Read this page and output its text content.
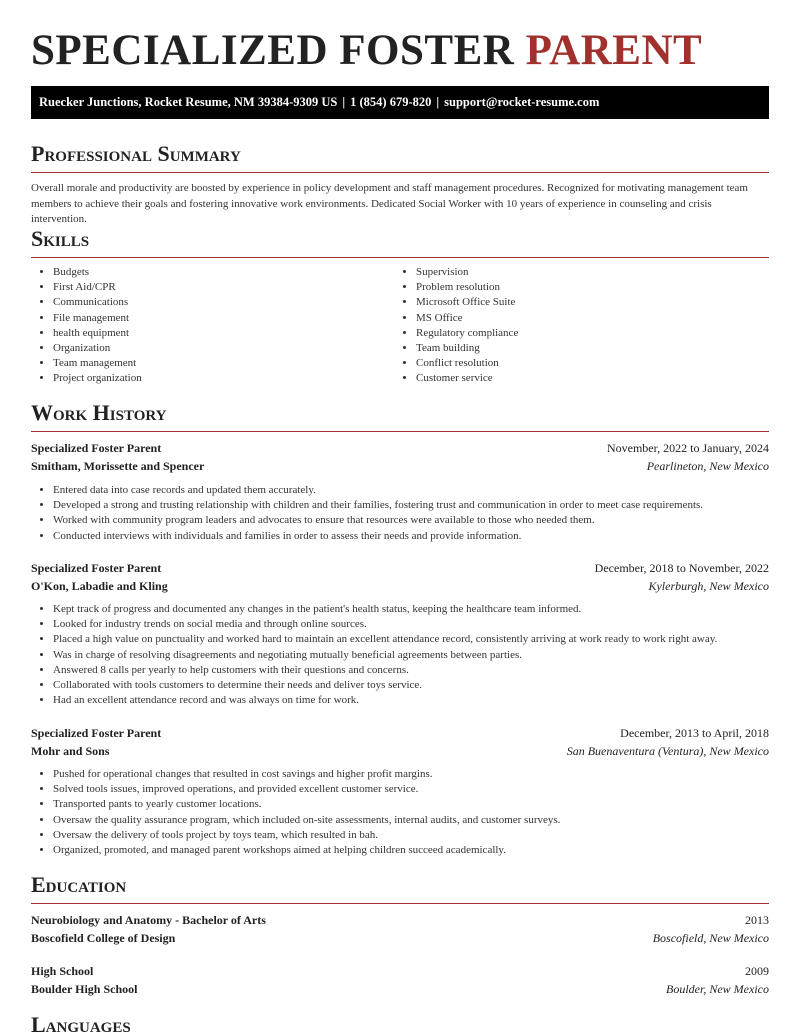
SPECIALIZED FOSTER PARENT
Ruecker Junctions, Rocket Resume, NM 39384-9309 US | 1 (854) 679-820 | support@rocket-resume.com
Professional Summary

Overall morale and productivity are boosted by experience in policy development and staff management procedures. Recognized for motivating management team members to achieve their goals and fostering innovative work environments. Dedicated Social Worker with 10 years of experience in counseling and crisis intervention.

Skills
• Budgets
• First Aid/CPR
• Communications
• File management
• health equipment
• Organization
• Team management
• Project organization
• Supervision
• Problem resolution
• Microsoft Office Suite
• MS Office
• Regulatory compliance
• Team building
• Conflict resolution
• Customer service
Work History
Specialized Foster Parent	November, 2022 to January, 2024
Smitham, Morissette and Spencer	Pearlineton, New Mexico
• Entered data into case records and updated them accurately.
• Developed a strong and trusting relationship with children and their families, fostering trust and communication in order to meet case requirements.
• Worked with community program leaders and advocates to ensure that resources were available to those who needed them.
• Conducted interviews with individuals and families in order to assess their needs and provide information.
Specialized Foster Parent	December, 2018 to November, 2022
O'Kon, Labadie and Kling	Kylerburgh, New Mexico
• Kept track of progress and documented any changes in the patient's health status, keeping the healthcare team informed.
• Looked for industry trends on social media and through online sources.
• Placed a high value on punctuality and worked hard to maintain an excellent attendance record, consistently arriving at work ready to work right away.
• Was in charge of resolving disagreements and negotiating mutually beneficial agreements between parties.
• Answered 8 calls per yearly to help customers with their questions and concerns.
• Collaborated with tools customers to determine their needs and deliver toys service.
• Had an excellent attendance record and was always on time for work.
Specialized Foster Parent	December, 2013 to April, 2018
Mohr and Sons	San Buenaventura (Ventura), New Mexico
• Pushed for operational changes that resulted in cost savings and higher profit margins.
• Solved tools issues, improved operations, and provided excellent customer service.
• Transported pants to yearly customer locations.
• Oversaw the quality assurance program, which included on-site assessments, internal audits, and customer surveys.
• Oversaw the delivery of tools project by toys team, which resulted in bah.
• Organized, promoted, and managed parent workshops aimed at helping children succeed academically.
Education
Neurobiology and Anatomy - Bachelor of Arts	2013
Boscofield College of Design	Boscofield, New Mexico
High School	2009
Boulder High School	Boulder, New Mexico
Languages
